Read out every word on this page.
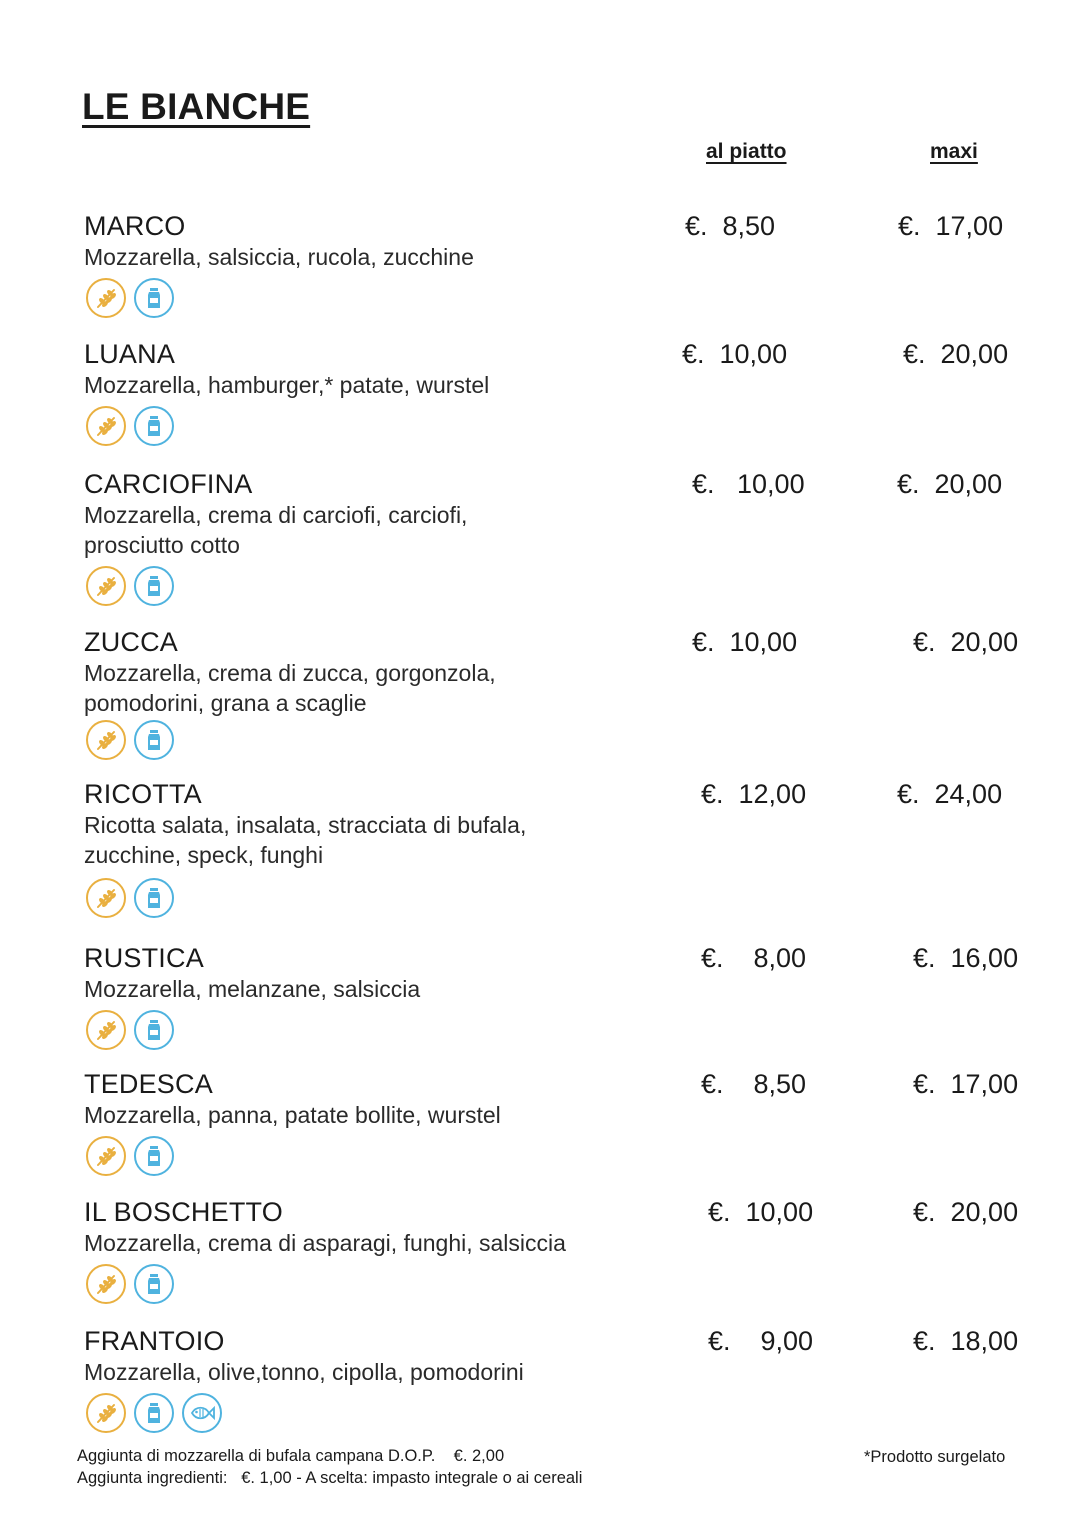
LE BIANCHE
al piatto	maxi
MARCO
Mozzarella, salsiccia, rucola, zucchine
€.  8,50	€.  17,00
LUANA
Mozzarella, hamburger,* patate, wurstel
€.  10,00	€.  20,00
CARCIOFINA
Mozzarella, crema di carciofi, carciofi, prosciutto cotto
€.   10,00	€.  20,00
ZUCCA
Mozzarella, crema di zucca, gorgonzola, pomodorini, grana a scaglie
€.  10,00	€.  20,00
RICOTTA
Ricotta salata, insalata, stracciata di bufala, zucchine, speck, funghi
€.  12,00	€.  24,00
RUSTICA
Mozzarella, melanzane, salsiccia
€.    8,00	€.  16,00
TEDESCA
Mozzarella, panna, patate bollite, wurstel
€.    8,50	€.  17,00
IL BOSCHETTO
Mozzarella, crema di asparagi, funghi, salsiccia
€.  10,00	€.  20,00
FRANTOIO
Mozzarella, olive,tonno, cipolla, pomodorini
€.    9,00	€.  18,00
Aggiunta di mozzarella di bufala campana D.O.P.    €. 2,00
Aggiunta ingredienti:   €. 1,00 - A scelta: impasto integrale o ai cereali
*Prodotto surgelato
